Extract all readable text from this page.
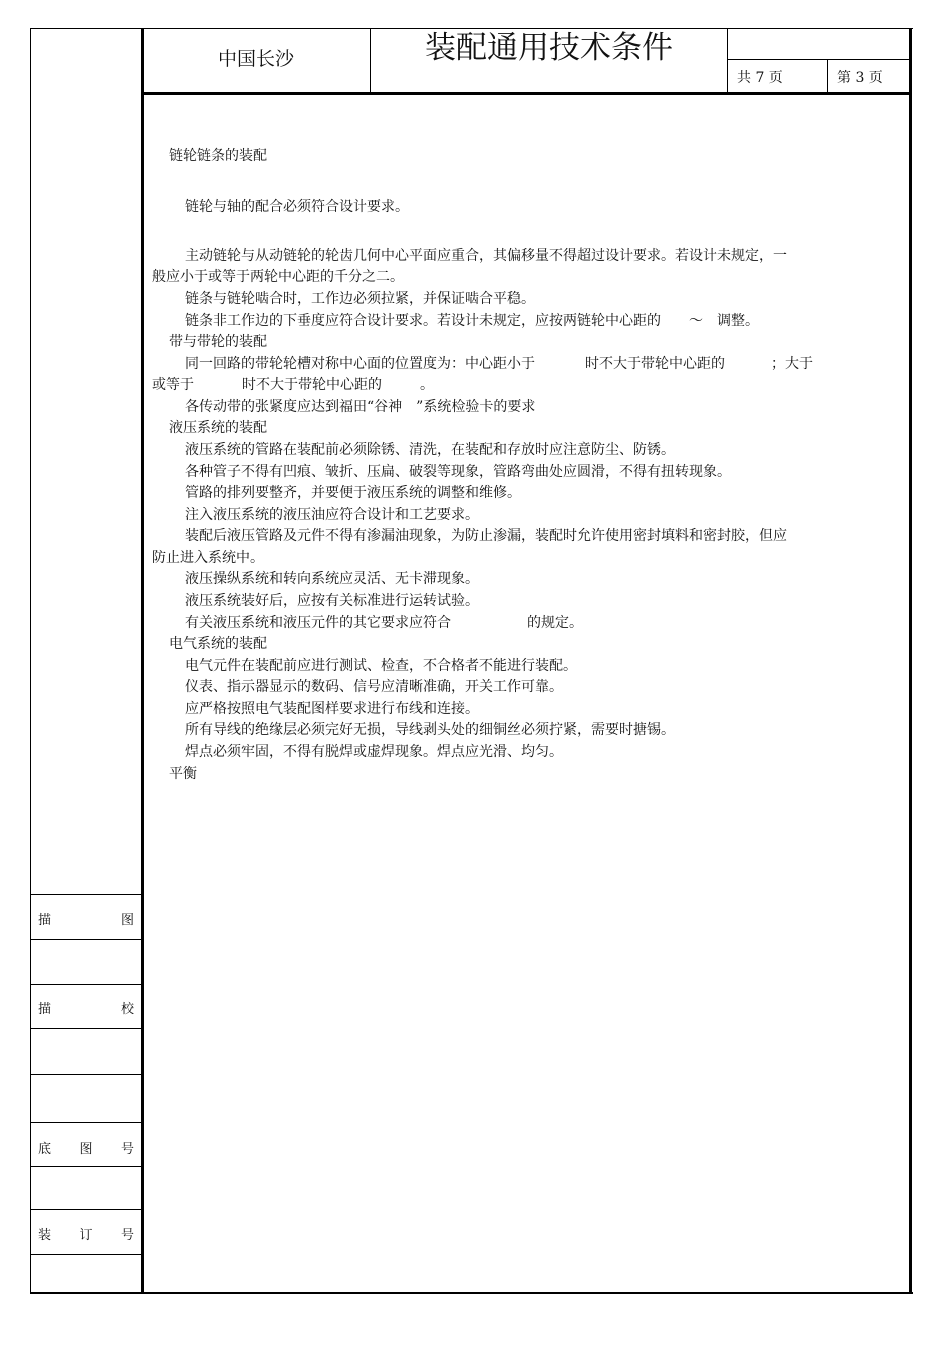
中国长沙	装配通用技术条件
共 7 页	第 3 页
描	图
描	校
底 图 号
装 订 号
链轮链条的装配
链轮与轴的配合必须符合设计要求。
主动链轮与从动链轮的轮齿几何中心平面应重合，其偏移量不得超过设计要求。若设计未规定，一
般应小于或等于两轮中心距的千分之二。
链条与链轮啮合时，工作边必须拉紧，并保证啮合平稳。
链条非工作边的下垂度应符合设计要求。若设计未规定，应按两链轮中心距的　　～　调整。
带与带轮的装配
同一回路的带轮轮槽对称中心面的位置度为：中心距小于	时不大于带轮中心距的	；大于
或等于	时不大于带轮中心距的	。
各传动带的张紧度应达到福田“谷神　”系统检验卡的要求
液压系统的装配
液压系统的管路在装配前必须除锈、清洗，在装配和存放时应注意防尘、防锈。
各种管子不得有凹痕、皱折、压扁、破裂等现象，管路弯曲处应圆滑，不得有扭转现象。
管路的排列要整齐，并要便于液压系统的调整和维修。
注入液压系统的液压油应符合设计和工艺要求。
装配后液压管路及元件不得有渗漏油现象，为防止渗漏，装配时允许使用密封填料和密封胶，但应
防止进入系统中。
液压操纵系统和转向系统应灵活、无卡滞现象。
液压系统装好后，应按有关标准进行运转试验。
有关液压系统和液压元件的其它要求应符合	的规定。
电气系统的装配
电气元件在装配前应进行测试、检查，不合格者不能进行装配。
仪表、指示器显示的数码、信号应清晰准确，开关工作可靠。
应严格按照电气装配图样要求进行布线和连接。
所有导线的绝缘层必须完好无损，导线剥头处的细铜丝必须拧紧，需要时搪锡。
焊点必须牢固，不得有脱焊或虚焊现象。焊点应光滑、均匀。
平衡
